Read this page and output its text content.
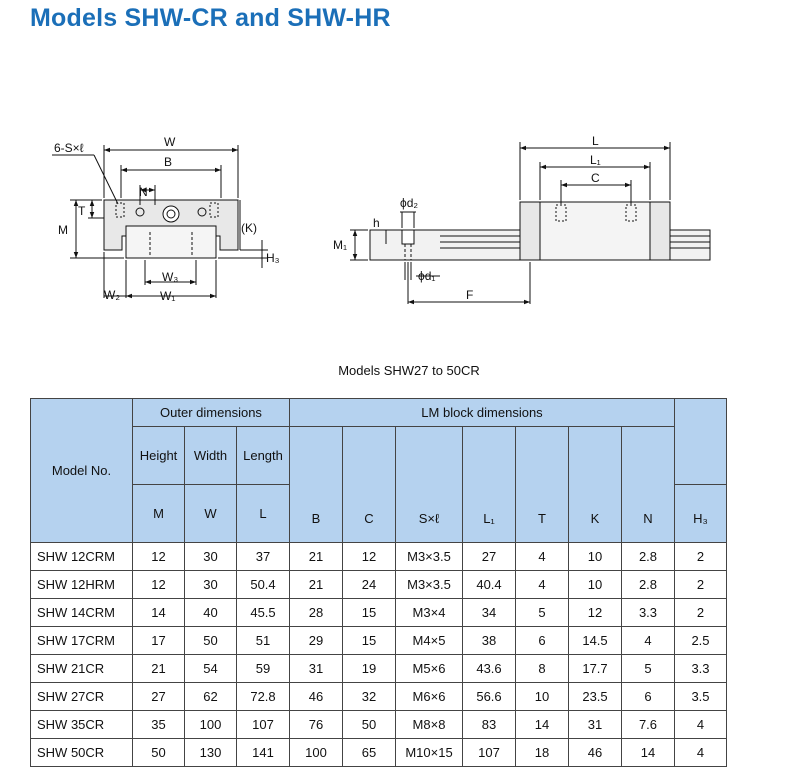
Models SHW-CR and SHW-HR
6-S×ℓ	W
B
N
T
M	(K)
H₃
W₃
W₂	W₁
ϕd₂
h
M₁
ϕd₁
F
L
L₁
C
Models SHW27 to 50CR
Model No.	Outer dimensions			LM block dimensions							
	Height	Width	Length	B	C	S×ℓ	L₁	T	K	N	
	M	W	L								H₃
SHW 12CRM	12	30	37	21	12	M3×3.5	27	4	10	2.8	2
SHW 12HRM	12	30	50.4	21	24	M3×3.5	40.4	4	10	2.8	2
SHW 14CRM	14	40	45.5	28	15	M3×4	34	5	12	3.3	2
SHW 17CRM	17	50	51	29	15	M4×5	38	6	14.5	4	2.5
SHW 21CR	21	54	59	31	19	M5×6	43.6	8	17.7	5	3.3
SHW 27CR	27	62	72.8	46	32	M6×6	56.6	10	23.5	6	3.5
SHW 35CR	35	100	107	76	50	M8×8	83	14	31	7.6	4
SHW 50CR	50	130	141	100	65	M10×15	107	18	46	14	4
